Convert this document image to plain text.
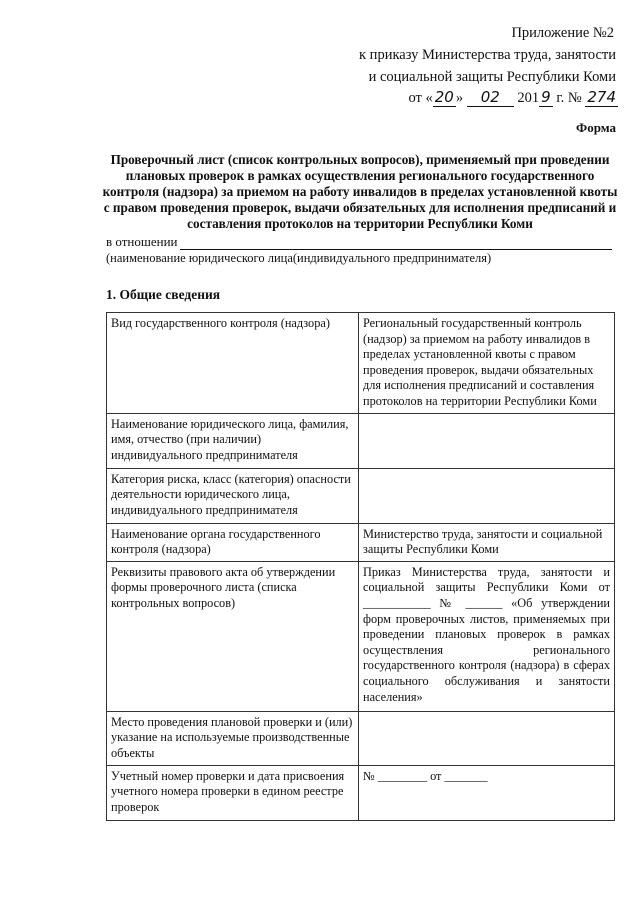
Приложение №2
к приказу Министерства труда, занятости
и социальной защиты Республики Коми
от « 20 » 02 201 9 г. № 274
Форма
Проверочный лист (список контрольных вопросов), применяемый при проведении плановых проверок в рамках осуществления регионального государственного контроля (надзора) за приемом на работу инвалидов в пределах установленной квоты с правом проведения проверок, выдачи обязательных для исполнения предписаний и составления протоколов на территории Республики Коми
в отношении
(наименование юридического лица(индивидуального предпринимателя)
1. Общие сведения
Вид государственного контроля (надзора)	Региональный государственный контроль (надзор) за приемом на работу инвалидов в пределах установленной квоты с правом проведения проверок, выдачи обязательных для исполнения предписаний и составления протоколов на территории Республики Коми
Наименование юридического лица, фамилия, имя, отчество (при наличии) индивидуального предпринимателя	
Категория риска, класс (категория) опасности деятельности юридического лица, индивидуального предпринимателя	
Наименование органа государственного контроля (надзора)	Министерство труда, занятости и социальной защиты Республики Коми
Реквизиты правового акта об утверждении формы проверочного листа (списка контрольных вопросов)	Приказ Министерства труда, занятости и социальной защиты Республики Коми от ___________ № ______ «Об утверждении форм проверочных листов, применяемых при проведении плановых проверок в рамках осуществления регионального государственного контроля (надзора) в сферах социального обслуживания и занятости населения»
Место проведения плановой проверки и (или) указание на используемые производственные объекты	
Учетный номер проверки и дата присвоения учетного номера проверки в едином реестре проверок	№ ________ от _______
